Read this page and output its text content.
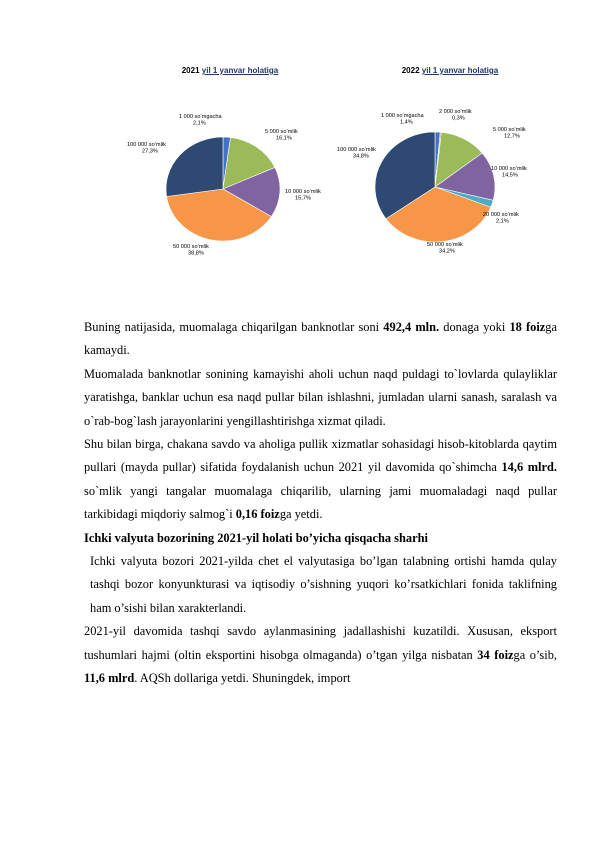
2021 yil 1 yanvar holatiga
1 000 so‘mgacha
2,1%
5 000 so‘mlik
16,1%
10 000 so‘mlik
15,7%
50 000 so‘mlik
38,8%
100 000 so‘mlik
27,3%
2022 yil 1 yanvar holatiga
1 000 so‘mgacha
1,4%
2 000 so‘mlik
0,3%
5 000 so‘mlik
12,7%
10 000 so‘mlik
14,5%
20 000 so‘mlik
2,1%
50 000 so‘mlik
34,2%
100 000 so‘mlik
34,8%

Buning natijasida, muomalaga chiqarilgan banknotlar soni 492,4 mln. donaga yoki 18 foizga kamaydi.

Muomalada banknotlar sonining kamayishi aholi uchun naqd puldagi to`lovlarda qulayliklar yaratishga, banklar uchun esa naqd pullar bilan ishlashni, jumladan ularni sanash, saralash va o`rab-bog`lash jarayonlarini yengillashtirishga xizmat qiladi.

Shu bilan birga, chakana savdo va aholiga pullik xizmatlar sohasidagi hisob-kitoblarda qaytim pullari (mayda pullar) sifatida foydalanish uchun 2021 yil davomida qo`shimcha 14,6 mlrd. so`mlik yangi tangalar muomalaga chiqarilib, ularning jami muomaladagi naqd pullar tarkibidagi miqdoriy salmog`i 0,16 foizga yetdi.

Ichki valyuta bozorining 2021-yil holati bo’yicha qisqacha sharhi

Ichki valyuta bozori 2021-yilda chet el valyutasiga bo’lgan talabning ortishi hamda qulay tashqi bozor konyunkturasi va iqtisodiy o’sishning yuqori ko’rsatkichlari fonida taklifning ham o’sishi bilan xarakterlandi.

2021-yil davomida tashqi savdo aylanmasining jadallashishi kuzatildi. Xususan, eksport tushumlari hajmi (oltin eksportini hisobga olmaganda) o’tgan yilga nisbatan 34 foizga o’sib, 11,6 mlrd. AQSh dollariga yetdi. Shuningdek, import
